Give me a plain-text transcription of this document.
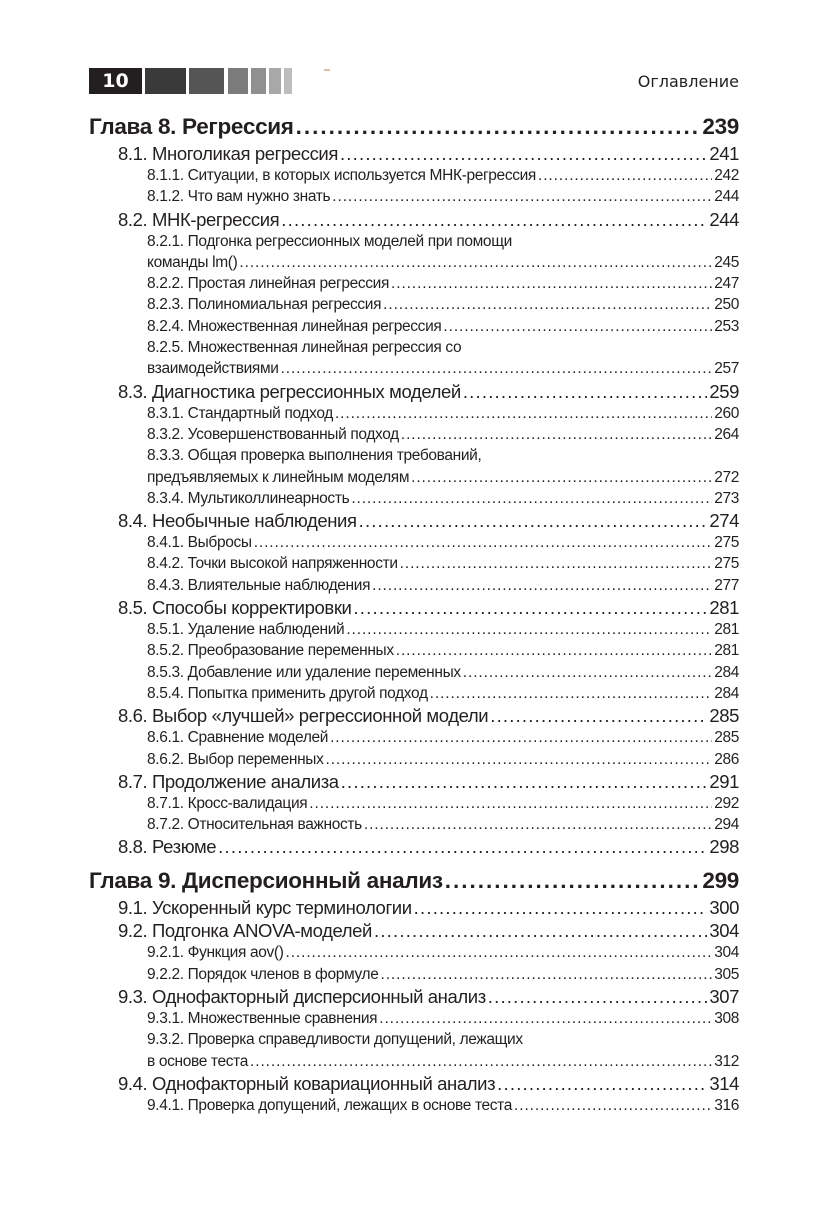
10	Оглавление
Глава 8. Регрессия .....	239
8.1. Многоликая регрессия .....	241
8.1.1. Ситуации, в которых используется МНК-регрессия .....	242
8.1.2. Что вам нужно знать .....	244
8.2. МНК-регрессия .....	244
8.2.1. Подгонка регрессионных моделей при помощи
команды lm() .....	245
8.2.2. Простая линейная регрессия .....	247
8.2.3. Полиномиальная регрессия .....	250
8.2.4. Множественная линейная регрессия .....	253
8.2.5. Множественная линейная регрессия со
взаимодействиями .....	257
8.3. Диагностика регрессионных моделей .....	259
8.3.1. Стандартный подход .....	260
8.3.2. Усовершенствованный подход .....	264
8.3.3. Общая проверка выполнения требований,
предъявляемых к линейным моделям .....	272
8.3.4. Мультиколлинеарность .....	273
8.4. Необычные наблюдения .....	274
8.4.1. Выбросы .....	275
8.4.2. Точки высокой напряженности .....	275
8.4.3. Влиятельные наблюдения .....	277
8.5. Способы корректировки .....	281
8.5.1. Удаление наблюдений .....	281
8.5.2. Преобразование переменных .....	281
8.5.3. Добавление или удаление переменных .....	284
8.5.4. Попытка применить другой подход .....	284
8.6. Выбор «лучшей» регрессионной модели .....	285
8.6.1. Сравнение моделей .....	285
8.6.2. Выбор переменных .....	286
8.7. Продолжение анализа .....	291
8.7.1. Кросс-валидация .....	292
8.7.2. Относительная важность .....	294
8.8. Резюме .....	298
Глава 9. Дисперсионный анализ .....	299
9.1. Ускоренный курс терминологии .....	300
9.2. Подгонка ANOVA-моделей .....	304
9.2.1. Функция aov() .....	304
9.2.2. Порядок членов в формуле .....	305
9.3. Однофакторный дисперсионный анализ .....	307
9.3.1. Множественные сравнения .....	308
9.3.2. Проверка справедливости допущений, лежащих
в основе теста .....	312
9.4. Однофакторный ковариационный анализ .....	314
9.4.1. Проверка допущений, лежащих в основе теста .....	316
